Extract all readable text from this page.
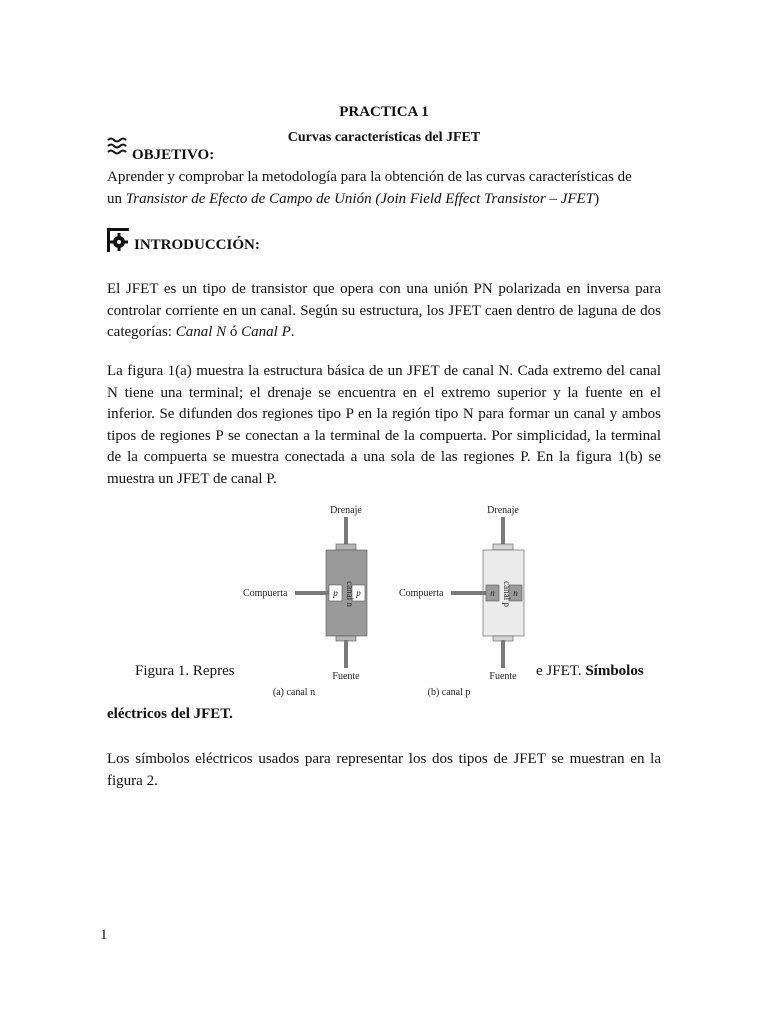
PRACTICA 1
Curvas características del JFET
OBJETIVO:
Aprender y comprobar la metodología para la obtención de las curvas características de
un Transistor de Efecto de Campo de Unión (Join Field Effect Transistor – JFET)
INTRODUCCIÓN:
El JFET es un tipo de transistor que opera con una unión PN polarizada en inversa para controlar corriente en un canal. Según su estructura, los JFET caen dentro de laguna de dos categorías: Canal N ó Canal P.
La figura 1(a) muestra la estructura básica de un JFET de canal N. Cada extremo del canal N tiene una terminal; el drenaje se encuentra en el extremo superior y la fuente en el inferior. Se difunden dos regiones tipo P en la región tipo N para formar un canal y ambos tipos de regiones P se conectan a la terminal de la compuerta. Por simplicidad, la terminal de la compuerta se muestra conectada a una sola de las regiones P. En la figura 1(b) se muestra un JFET de canal P.
Drenaje
p p
canal n
Compuerta
Fuente
(a) canal n
Drenaje
n n
canal p
Compuerta
Fuente
(b) canal p
Figura 1. Repres	e JFET. Símbolos
eléctricos del JFET.
Los símbolos eléctricos usados para representar los dos tipos de JFET se muestran en la figura 2.
1
